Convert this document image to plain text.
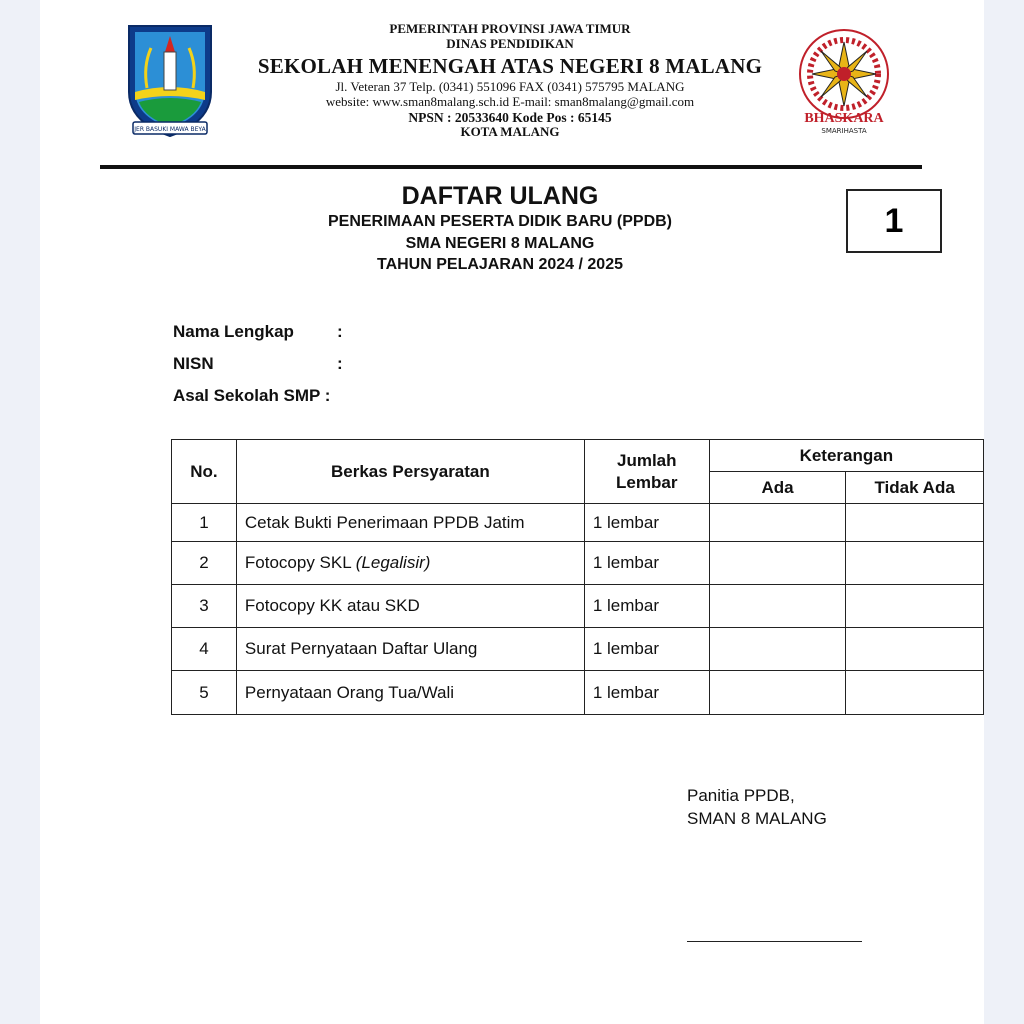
JER BASUKI MAWA BEYA
PEMERINTAH PROVINSI JAWA TIMUR
DINAS PENDIDIKAN
SEKOLAH MENENGAH ATAS NEGERI 8 MALANG
Jl. Veteran 37 Telp. (0341) 551096 FAX (0341) 575795 MALANG
website: www.sman8malang.sch.id E-mail: sman8malang@gmail.com
NPSN : 20533640 Kode Pos : 65145
KOTA MALANG
BHASKARA
SMARIHASTA
DAFTAR ULANG
PENERIMAAN PESERTA DIDIK BARU (PPDB)
SMA NEGERI 8 MALANG
TAHUN PELAJARAN 2024 / 2025
1
Nama Lengkap	:
NISN	:
Asal Sekolah SMP :
No.	Berkas Persyaratan	Jumlah Lembar	Keterangan	
			Ada	Tidak Ada
1	Cetak Bukti Penerimaan PPDB Jatim	1 lembar		
2	Fotocopy SKL (Legalisir)	1 lembar		
3	Fotocopy KK atau SKD	1 lembar		
4	Surat Pernyataan Daftar Ulang	1 lembar		
5	Pernyataan Orang Tua/Wali	1 lembar		
Panitia PPDB,
SMAN 8 MALANG
